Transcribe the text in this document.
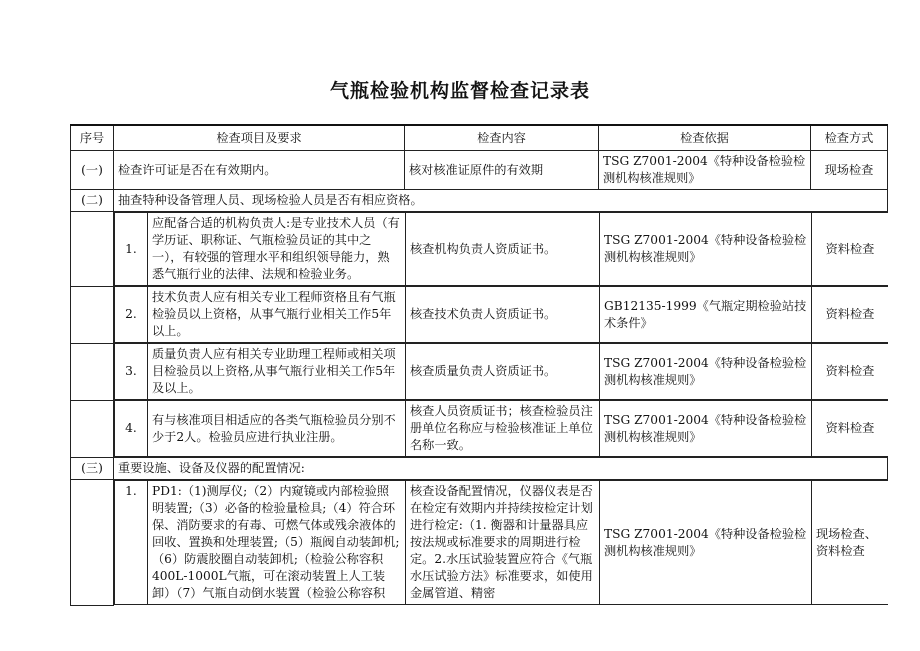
气瓶检验机构监督检查记录表
序号	检查项目及要求	检查内容	检查依据	检查方式
(一)	检查许可证是否在有效期内。	核对核准证原件的有效期	TSG Z7001-2004《特种设备检验检测机构核准规则》	现场检查
(二)	抽查特种设备管理人员、现场检验人员是否有相应资格。

1.	应配备合适的机构负责人:是专业技术人员（有学历证、职称证、气瓶检验员证的其中之一），有较强的管理水平和组织领导能力，熟悉气瓶行业的法律、法规和检验业务。	核查机构负责人资质证书。	TSG Z7001-2004《特种设备检验检测机构核准规则》	资料检查

2.	技术负责人应有相关专业工程师资格且有气瓶检验员以上资格，从事气瓶行业相关工作5年以上。	核查技术负责人资质证书。	GB12135-1999《气瓶定期检验站技术条件》	资料检查

3.	质量负责人应有相关专业助理工程师或相关项目检验员以上资格,从事气瓶行业相关工作5年及以上。	核查质量负责人资质证书。	TSG Z7001-2004《特种设备检验检测机构核准规则》	资料检查

4.	有与核准项目相适应的各类气瓶检验员分别不少于2人。检验员应进行执业注册。	核查人员资质证书；核查检验员注册单位名称应与检验核准证上单位名称一致。	TSG Z7001-2004《特种设备检验检测机构核准规则》	资料检查

(三)	重要设施、设备及仪器的配置情况:

1.	PD1:（1)测厚仪;（2）内窥镜或内部检验照明装置;（3）必备的检验量检具;（4）符合环保、消防要求的有毒、可燃气体或残余液体的回收、置换和处理装置;（5）瓶阀自动装卸机;（6）防震胶圈自动装卸机;（检验公称容积400L-1000L气瓶，可在滚动装置上人工装卸）（7）气瓶自动倒水装置（检验公称容积	核查设备配置情况，仪器仪表是否在检定有效期内并持续按检定计划进行检定:（1. 衡器和计量器具应按法规或标准要求的周期进行检定。2.水压试验装置应符合《气瓶水压试验方法》标准要求，如使用金属管道、精密	TSG Z7001-2004《特种设备检验检测机构核准规则》	现场检查、资料检查
